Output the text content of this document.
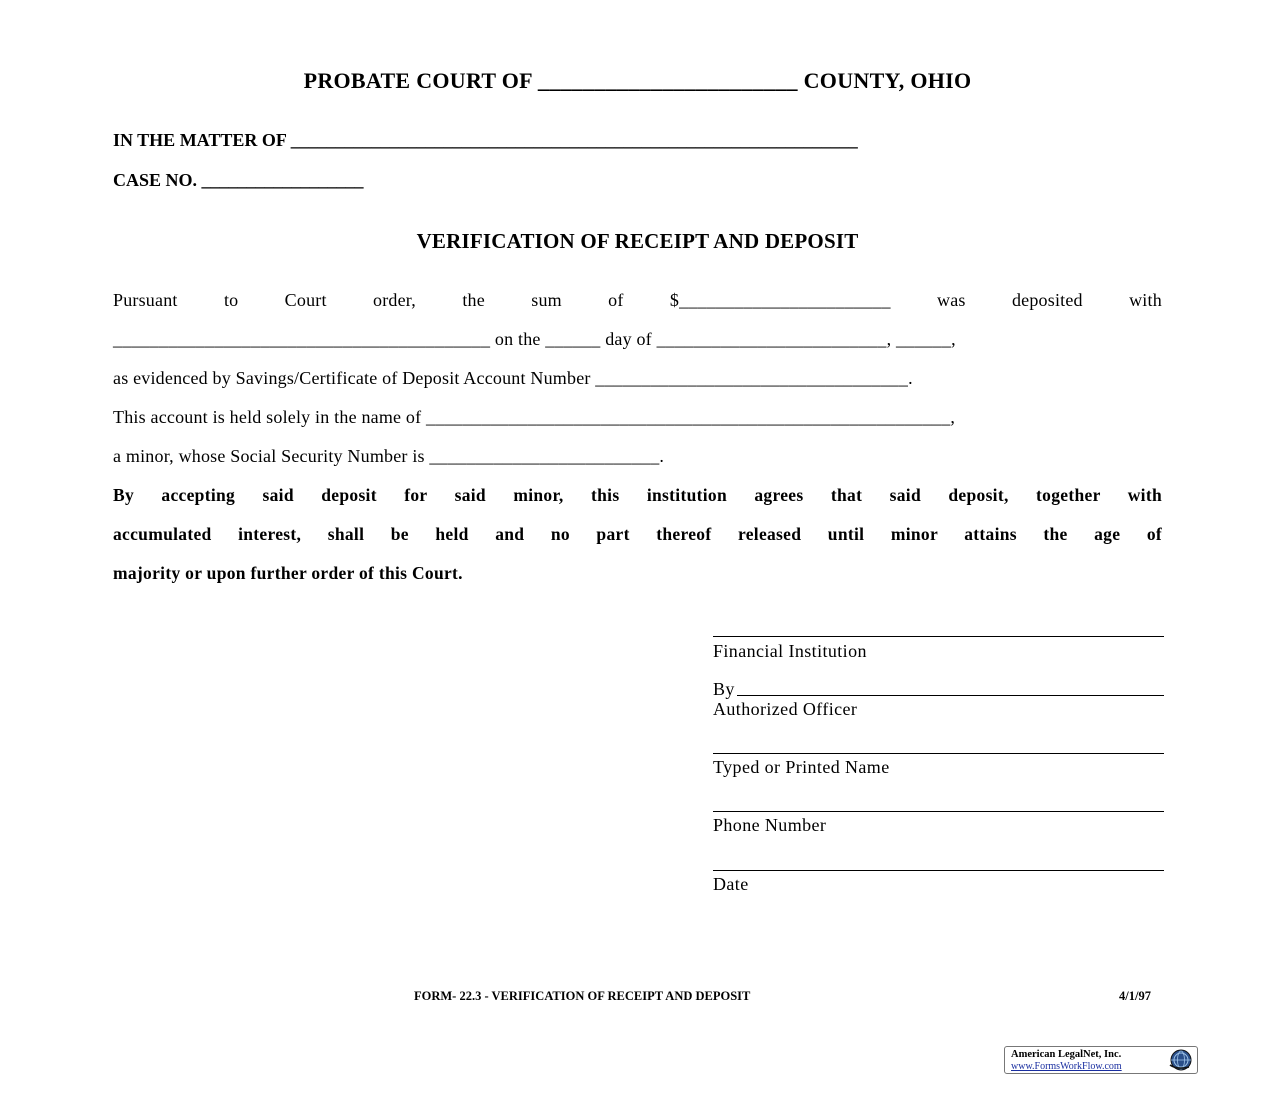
PROBATE COURT OF _______________________ COUNTY, OHIO
IN THE MATTER OF _______________________________________________________________
CASE NO. __________________
VERIFICATION OF RECEIPT AND DEPOSIT
Pursuant	to	Court	order,	the	sum	of	$_______________________	was	deposited	with
_________________________________________ on the ______ day of _________________________, ______,
as evidenced by Savings/Certificate of Deposit Account Number __________________________________.
This account is held solely in the name of _________________________________________________________,
a minor, whose Social Security Number is _________________________.
By accepting said deposit for said minor, this institution agrees that said deposit, together with
accumulated interest, shall be held and no part thereof released until minor attains the age of
majority or upon further order of this Court.
Financial Institution
By
Authorized Officer
Typed or Printed Name
Phone Number
Date
FORM- 22.3 - VERIFICATION OF RECEIPT AND DEPOSIT	4/1/97
American LegalNet, Inc.
www.FormsWorkFlow.com
